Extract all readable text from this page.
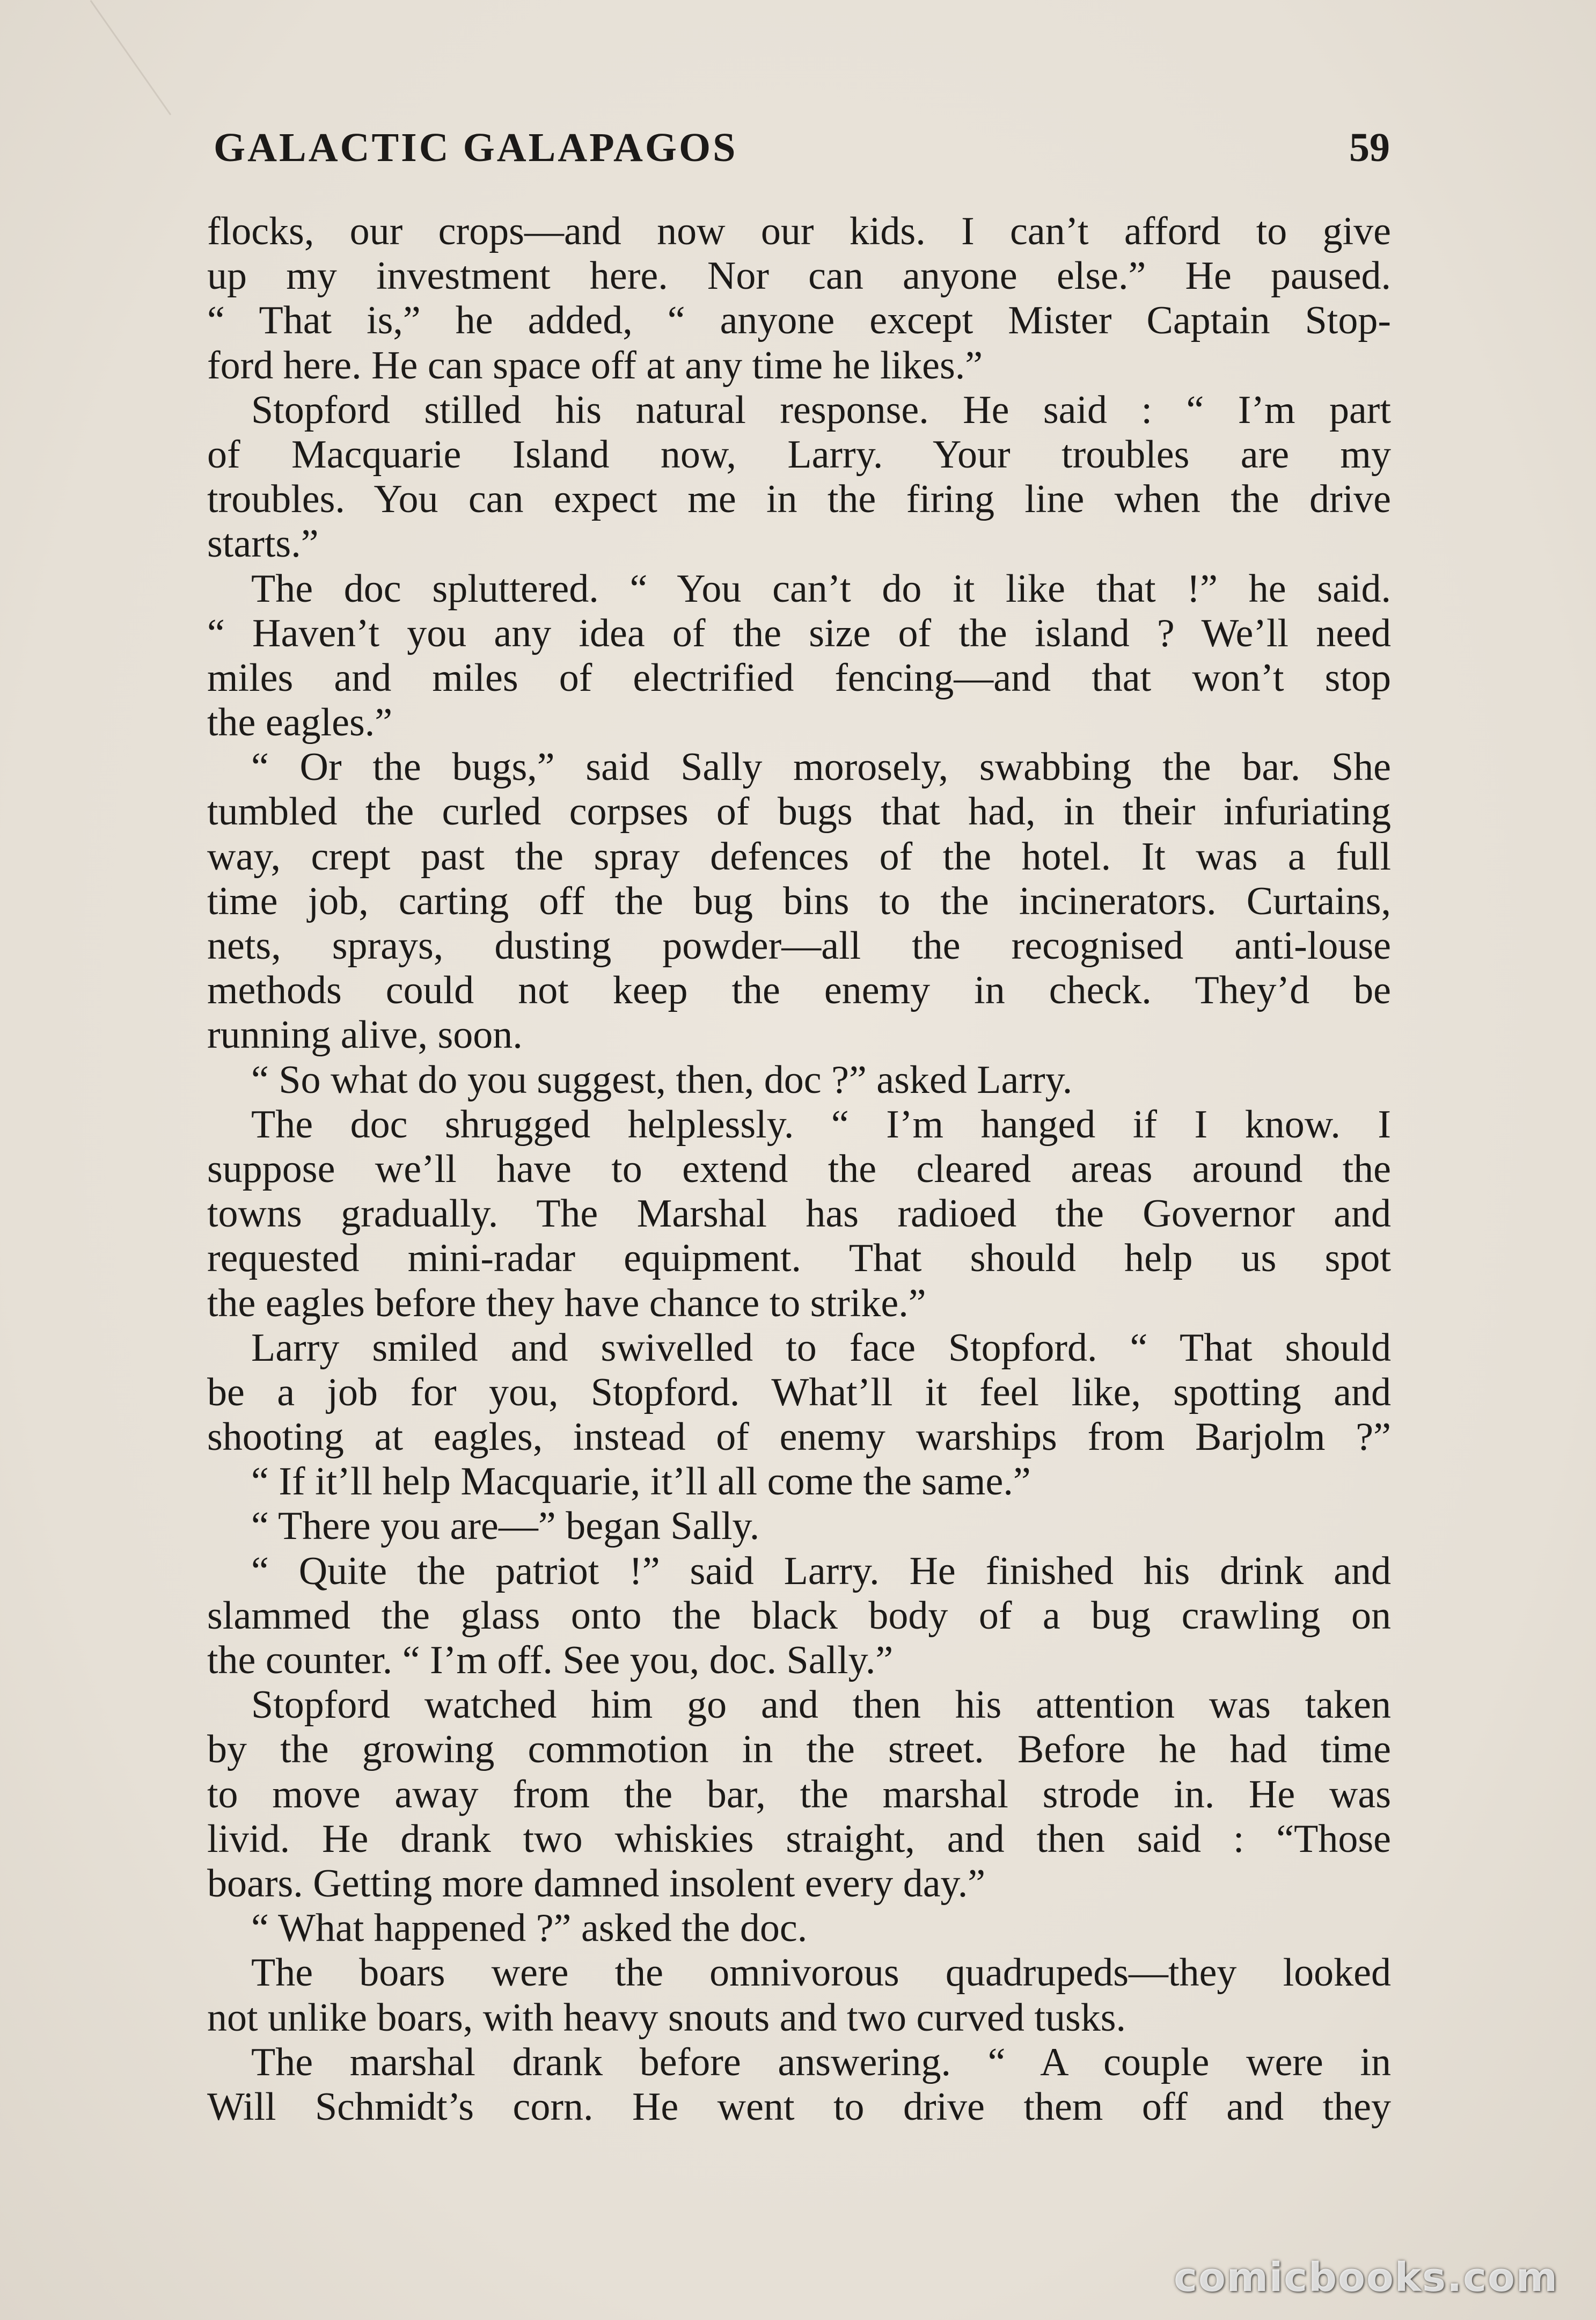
GALACTIC GALAPAGOS	59
flocks, our crops—and now our kids. I can’t afford to give
up my investment here. Nor can anyone else.” He paused.
“ That is,” he added, “ anyone except Mister Captain Stop-
ford here. He can space off at any time he likes.”
Stopford stilled his natural response. He said : “ I’m part
of Macquarie Island now, Larry. Your troubles are my
troubles. You can expect me in the firing line when the drive
starts.”
The doc spluttered. “ You can’t do it like that !” he said.
“ Haven’t you any idea of the size of the island ? We’ll need
miles and miles of electrified fencing—and that won’t stop
the eagles.”
“ Or the bugs,” said Sally morosely, swabbing the bar. She
tumbled the curled corpses of bugs that had, in their infuriating
way, crept past the spray defences of the hotel. It was a full
time job, carting off the bug bins to the incinerators. Curtains,
nets, sprays, dusting powder—all the recognised anti-louse
methods could not keep the enemy in check. They’d be
running alive, soon.
“ So what do you suggest, then, doc ?” asked Larry.
The doc shrugged helplessly. “ I’m hanged if I know. I
suppose we’ll have to extend the cleared areas around the
towns gradually. The Marshal has radioed the Governor and
requested mini-radar equipment. That should help us spot
the eagles before they have chance to strike.”
Larry smiled and swivelled to face Stopford. “ That should
be a job for you, Stopford. What’ll it feel like, spotting and
shooting at eagles, instead of enemy warships from Barjolm ?”
“ If it’ll help Macquarie, it’ll all come the same.”
“ There you are—” began Sally.
“ Quite the patriot !” said Larry. He finished his drink and
slammed the glass onto the black body of a bug crawling on
the counter. “ I’m off. See you, doc. Sally.”
Stopford watched him go and then his attention was taken
by the growing commotion in the street. Before he had time
to move away from the bar, the marshal strode in. He was
livid. He drank two whiskies straight, and then said : “Those
boars. Getting more damned insolent every day.”
“ What happened ?” asked the doc.
The boars were the omnivorous quadrupeds—they looked
not unlike boars, with heavy snouts and two curved tusks.
The marshal drank before answering. “ A couple were in
Will Schmidt’s corn. He went to drive them off and they
comicbooks.com
